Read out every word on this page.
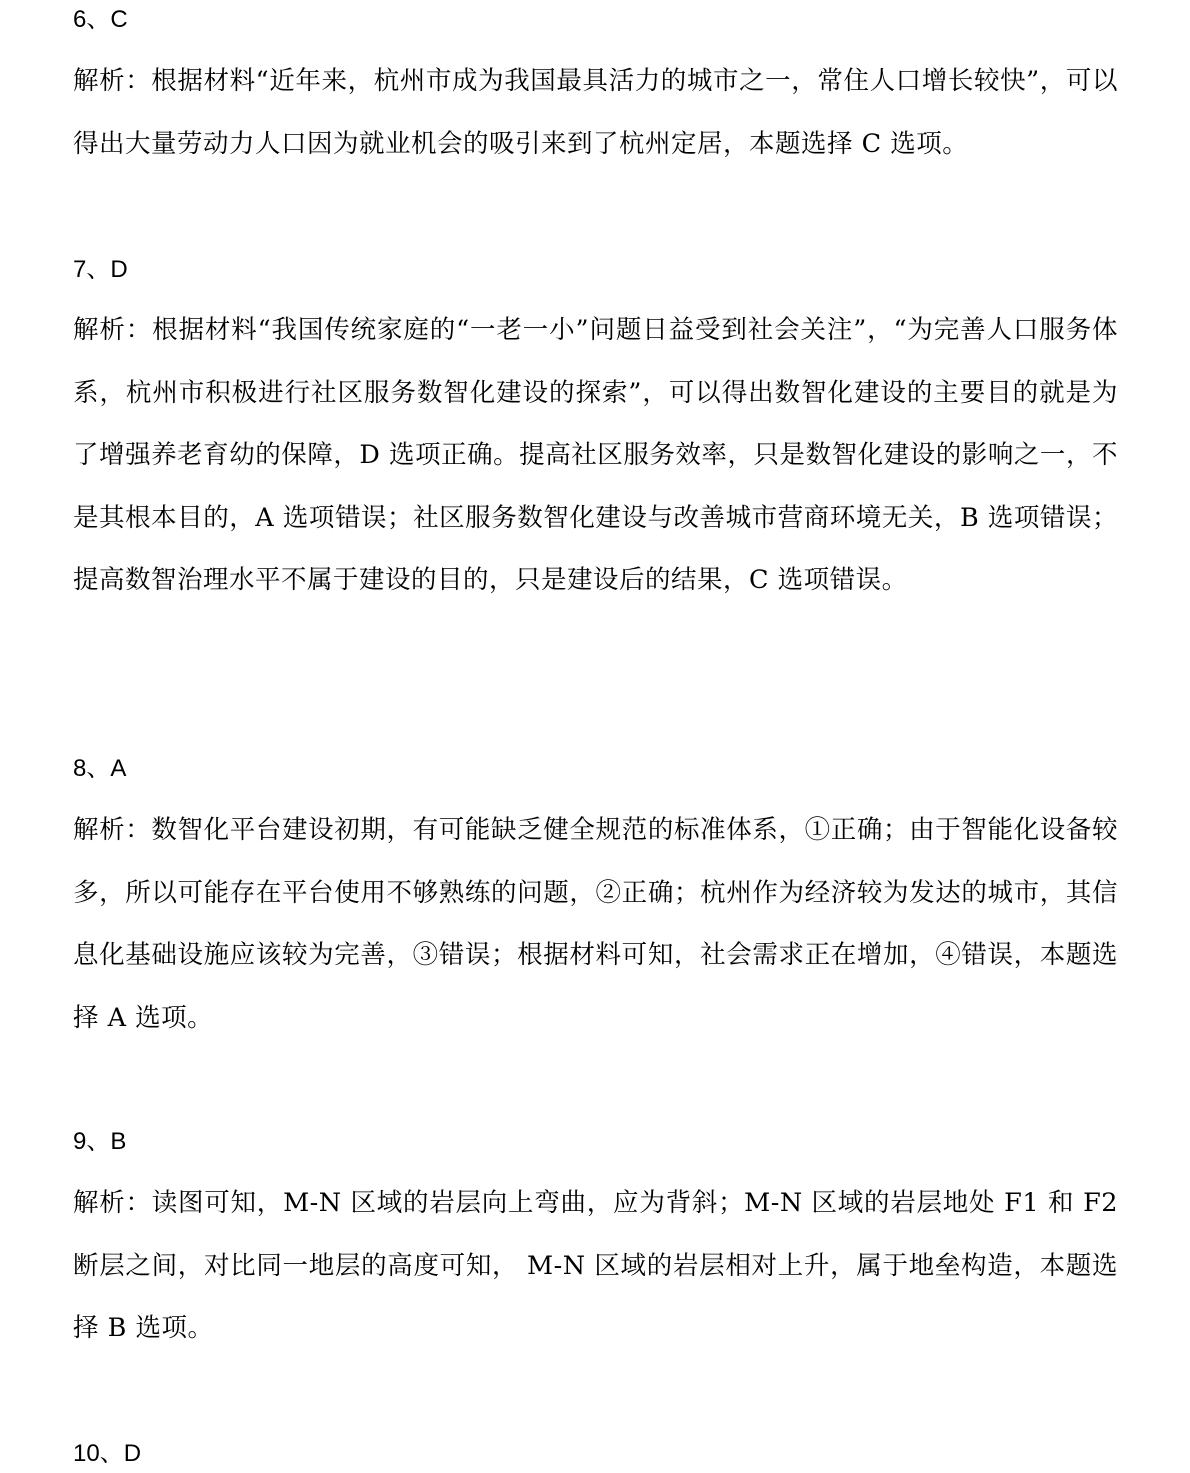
6、C

解析：根据材料“近年来，杭州市成为我国最具活力的城市之一，常住人口增长较快”，可以得出大量劳动力人口因为就业机会的吸引来到了杭州定居，本题选择 C 选项。

7、D

解析：根据材料“我国传统家庭的“一老一小”问题日益受到社会关注”，“为完善人口服务体系，杭州市积极进行社区服务数智化建设的探索”，可以得出数智化建设的主要目的就是为了增强养老育幼的保障，D 选项正确。提高社区服务效率，只是数智化建设的影响之一，不是其根本目的，A 选项错误；社区服务数智化建设与改善城市营商环境无关，B 选项错误；提高数智治理水平不属于建设的目的，只是建设后的结果，C 选项错误。

8、A

解析：数智化平台建设初期，有可能缺乏健全规范的标准体系，①正确；由于智能化设备较多，所以可能存在平台使用不够熟练的问题，②正确；杭州作为经济较为发达的城市，其信息化基础设施应该较为完善，③错误；根据材料可知，社会需求正在增加，④错误，本题选择 A 选项。

9、B

解析：读图可知，M-N 区域的岩层向上弯曲，应为背斜；M-N 区域的岩层地处 F1 和 F2 断层之间，对比同一地层的高度可知， M-N 区域的岩层相对上升，属于地垒构造，本题选择 B 选项。

10、D
